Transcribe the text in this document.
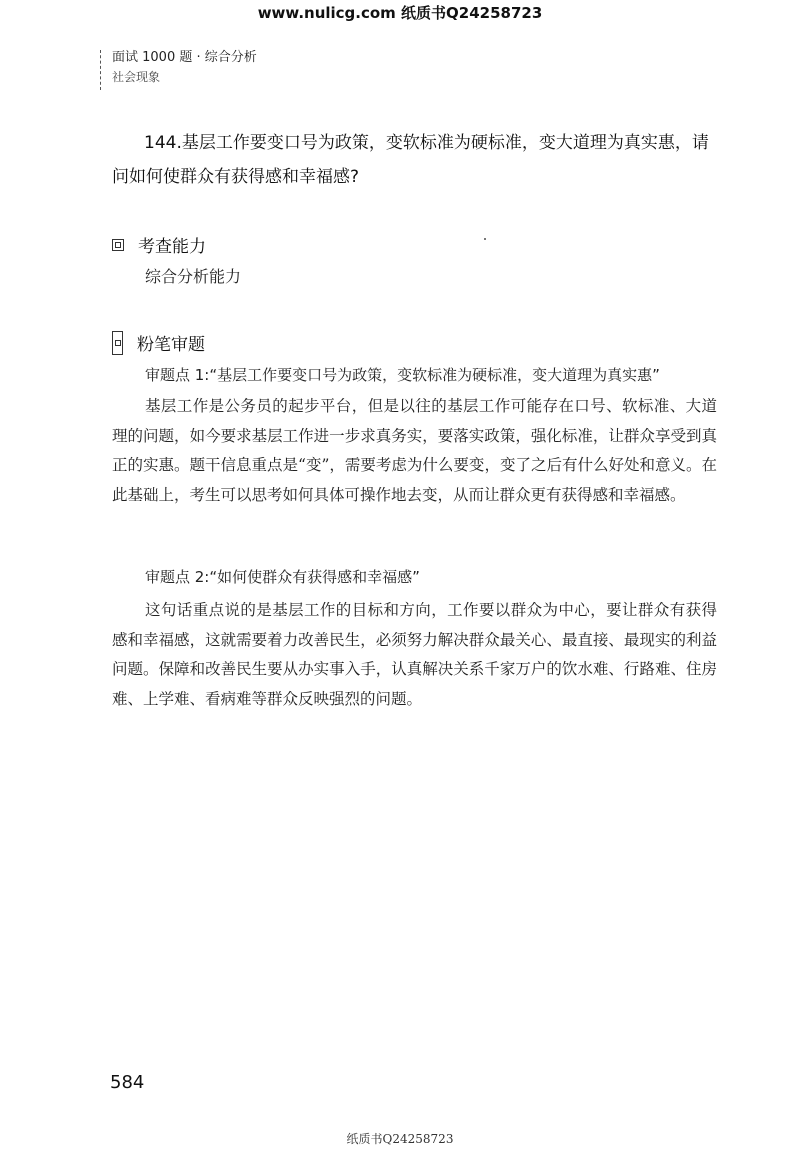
www.nulicg.com 纸质书Q24258723
面试 1000 题 · 综合分析
社会现象
144.基层工作要变口号为政策，变软标准为硬标准，变大道理为真实惠，请问如何使群众有获得感和幸福感?
考查能力
综合分析能力
粉笔审题
审题点 1:“基层工作要变口号为政策，变软标准为硬标准，变大道理为真实惠”
基层工作是公务员的起步平台，但是以往的基层工作可能存在口号、软标准、大道理的问题，如今要求基层工作进一步求真务实，要落实政策，强化标准，让群众享受到真正的实惠。题干信息重点是“变”，需要考虑为什么要变，变了之后有什么好处和意义。在此基础上，考生可以思考如何具体可操作地去变，从而让群众更有获得感和幸福感。
审题点 2:“如何使群众有获得感和幸福感”
这句话重点说的是基层工作的目标和方向，工作要以群众为中心，要让群众有获得感和幸福感，这就需要着力改善民生，必须努力解决群众最关心、最直接、最现实的利益问题。保障和改善民生要从办实事入手，认真解决关系千家万户的饮水难、行路难、住房难、上学难、看病难等群众反映强烈的问题。
584
纸质书Q24258723
